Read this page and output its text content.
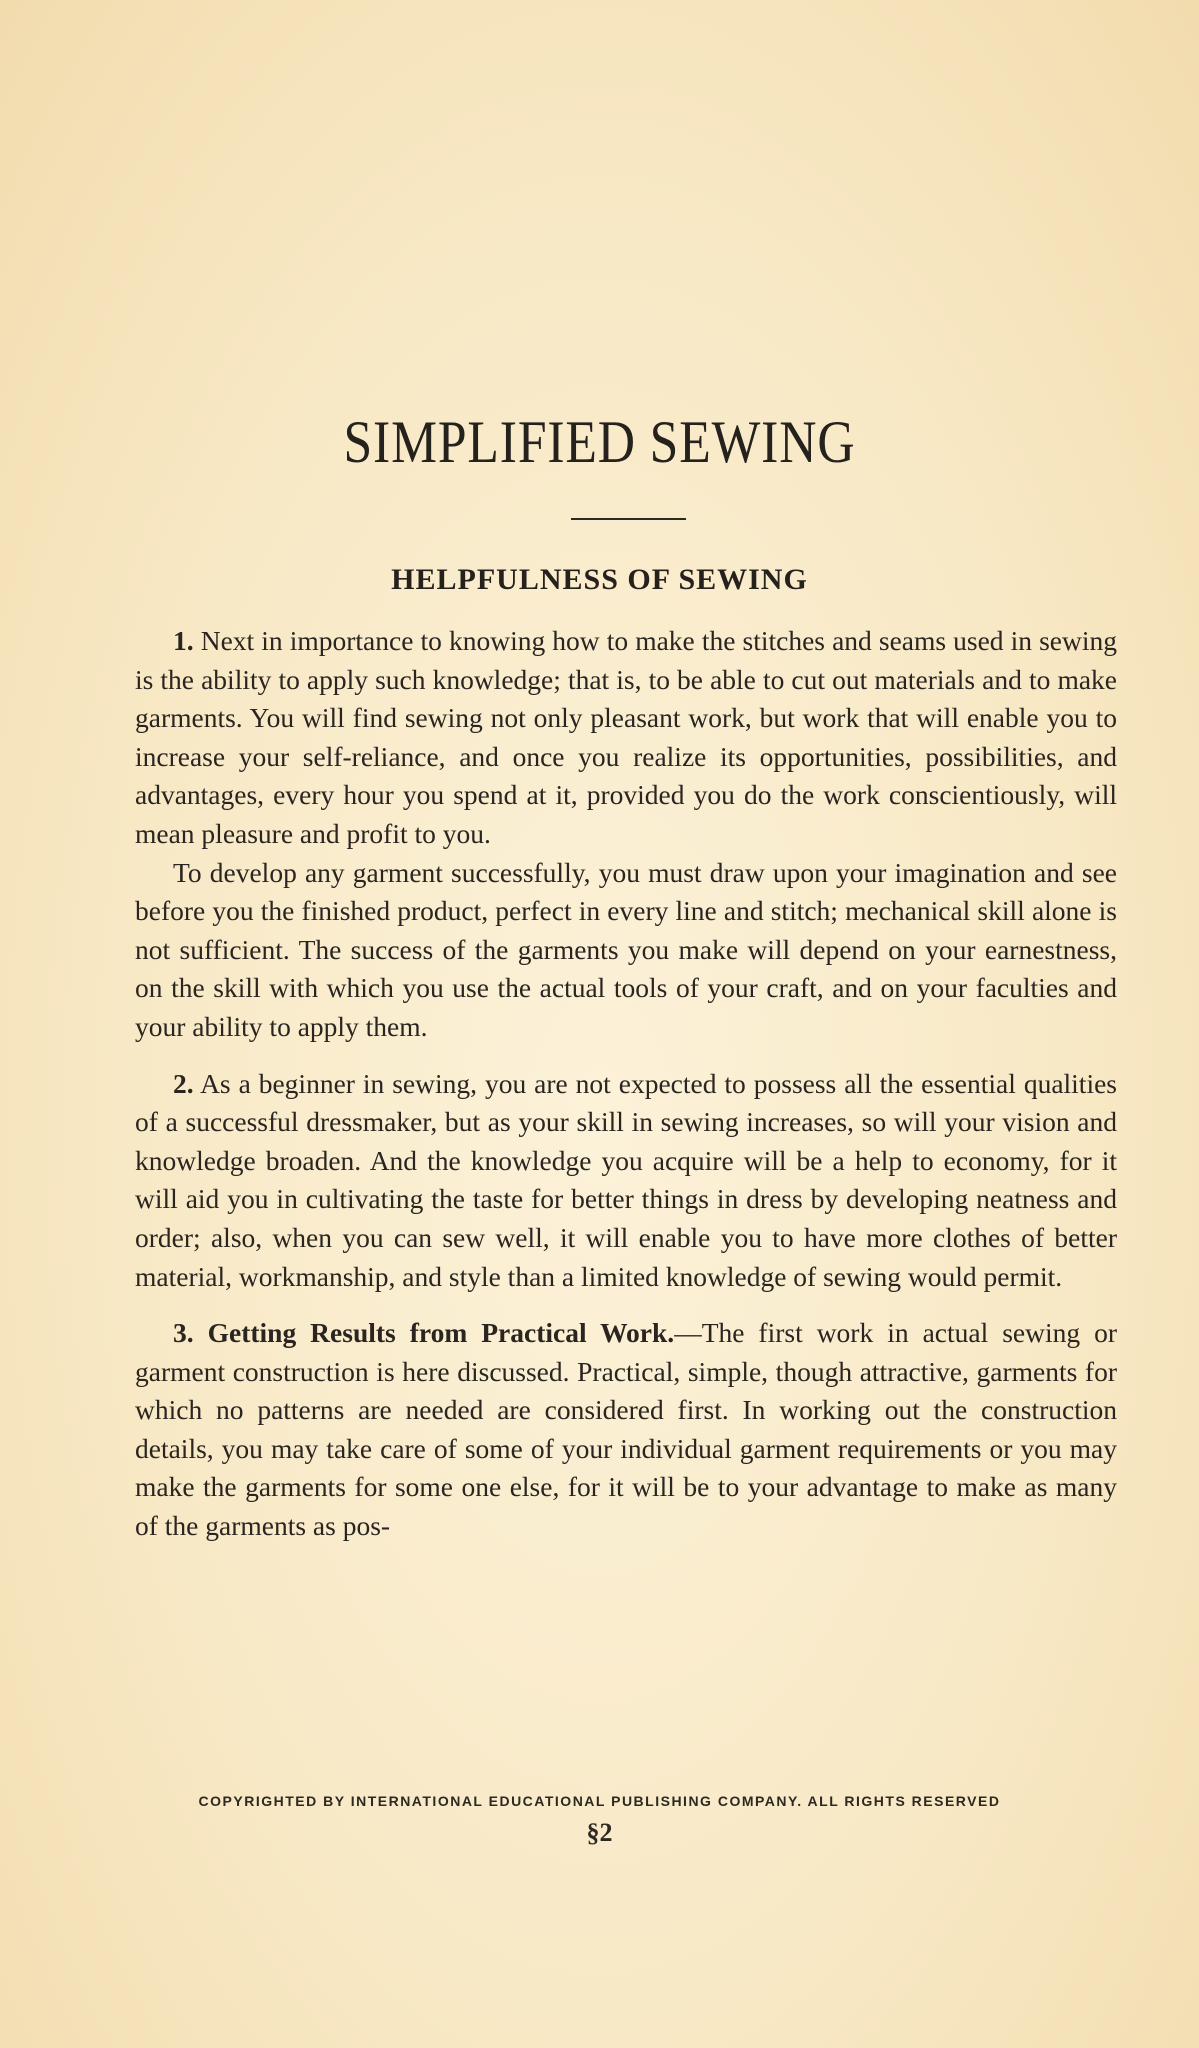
SIMPLIFIED SEWING
HELPFULNESS OF SEWING

1. Next in importance to knowing how to make the stitches and seams used in sewing is the ability to apply such knowledge; that is, to be able to cut out materials and to make garments. You will find sewing not only pleasant work, but work that will enable you to increase your self-reliance, and once you realize its opportunities, possibilities, and advantages, every hour you spend at it, provided you do the work conscientiously, will mean pleasure and profit to you.

To develop any garment successfully, you must draw upon your imagination and see before you the finished product, perfect in every line and stitch; mechanical skill alone is not sufficient. The success of the garments you make will depend on your earnestness, on the skill with which you use the actual tools of your craft, and on your faculties and your ability to apply them.

2. As a beginner in sewing, you are not expected to possess all the essential qualities of a successful dressmaker, but as your skill in sewing increases, so will your vision and knowledge broaden. And the knowledge you acquire will be a help to economy, for it will aid you in cultivating the taste for better things in dress by developing neatness and order; also, when you can sew well, it will enable you to have more clothes of better material, workmanship, and style than a limited knowledge of sewing would permit.

3. Getting Results from Practical Work.—The first work in actual sewing or garment construction is here discussed. Practical, simple, though attractive, garments for which no patterns are needed are considered first. In working out the construction details, you may take care of some of your individual garment requirements or you may make the garments for some one else, for it will be to your advantage to make as many of the garments as pos-

COPYRIGHTED BY INTERNATIONAL EDUCATIONAL PUBLISHING COMPANY. ALL RIGHTS RESERVED
§2
